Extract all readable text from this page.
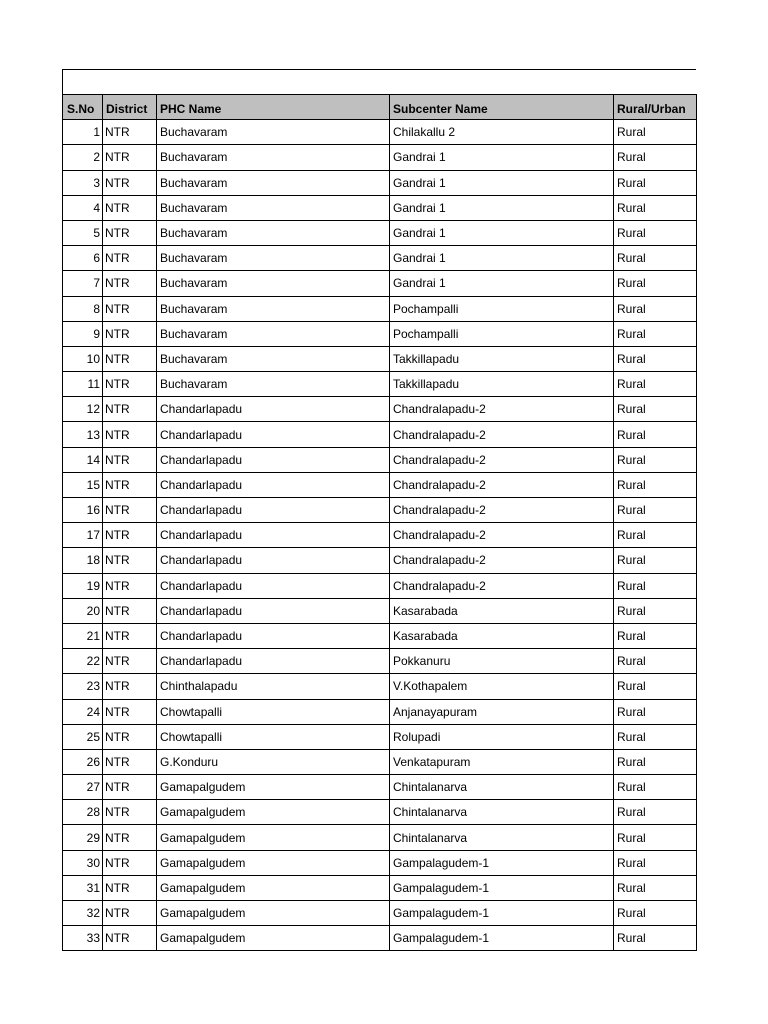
S.No	District	PHC Name	Subcenter Name	Rural/Urban
1	NTR	Buchavaram	Chilakallu 2	Rural
2	NTR	Buchavaram	Gandrai 1	Rural
3	NTR	Buchavaram	Gandrai 1	Rural
4	NTR	Buchavaram	Gandrai 1	Rural
5	NTR	Buchavaram	Gandrai 1	Rural
6	NTR	Buchavaram	Gandrai 1	Rural
7	NTR	Buchavaram	Gandrai 1	Rural
8	NTR	Buchavaram	Pochampalli	Rural
9	NTR	Buchavaram	Pochampalli	Rural
10	NTR	Buchavaram	Takkillapadu	Rural
11	NTR	Buchavaram	Takkillapadu	Rural
12	NTR	Chandarlapadu	Chandralapadu-2	Rural
13	NTR	Chandarlapadu	Chandralapadu-2	Rural
14	NTR	Chandarlapadu	Chandralapadu-2	Rural
15	NTR	Chandarlapadu	Chandralapadu-2	Rural
16	NTR	Chandarlapadu	Chandralapadu-2	Rural
17	NTR	Chandarlapadu	Chandralapadu-2	Rural
18	NTR	Chandarlapadu	Chandralapadu-2	Rural
19	NTR	Chandarlapadu	Chandralapadu-2	Rural
20	NTR	Chandarlapadu	Kasarabada	Rural
21	NTR	Chandarlapadu	Kasarabada	Rural
22	NTR	Chandarlapadu	Pokkanuru	Rural
23	NTR	Chinthalapadu	V.Kothapalem	Rural
24	NTR	Chowtapalli	Anjanayapuram	Rural
25	NTR	Chowtapalli	Rolupadi	Rural
26	NTR	G.Konduru	Venkatapuram	Rural
27	NTR	Gamapalgudem	Chintalanarva	Rural
28	NTR	Gamapalgudem	Chintalanarva	Rural
29	NTR	Gamapalgudem	Chintalanarva	Rural
30	NTR	Gamapalgudem	Gampalagudem-1	Rural
31	NTR	Gamapalgudem	Gampalagudem-1	Rural
32	NTR	Gamapalgudem	Gampalagudem-1	Rural
33	NTR	Gamapalgudem	Gampalagudem-1	Rural
